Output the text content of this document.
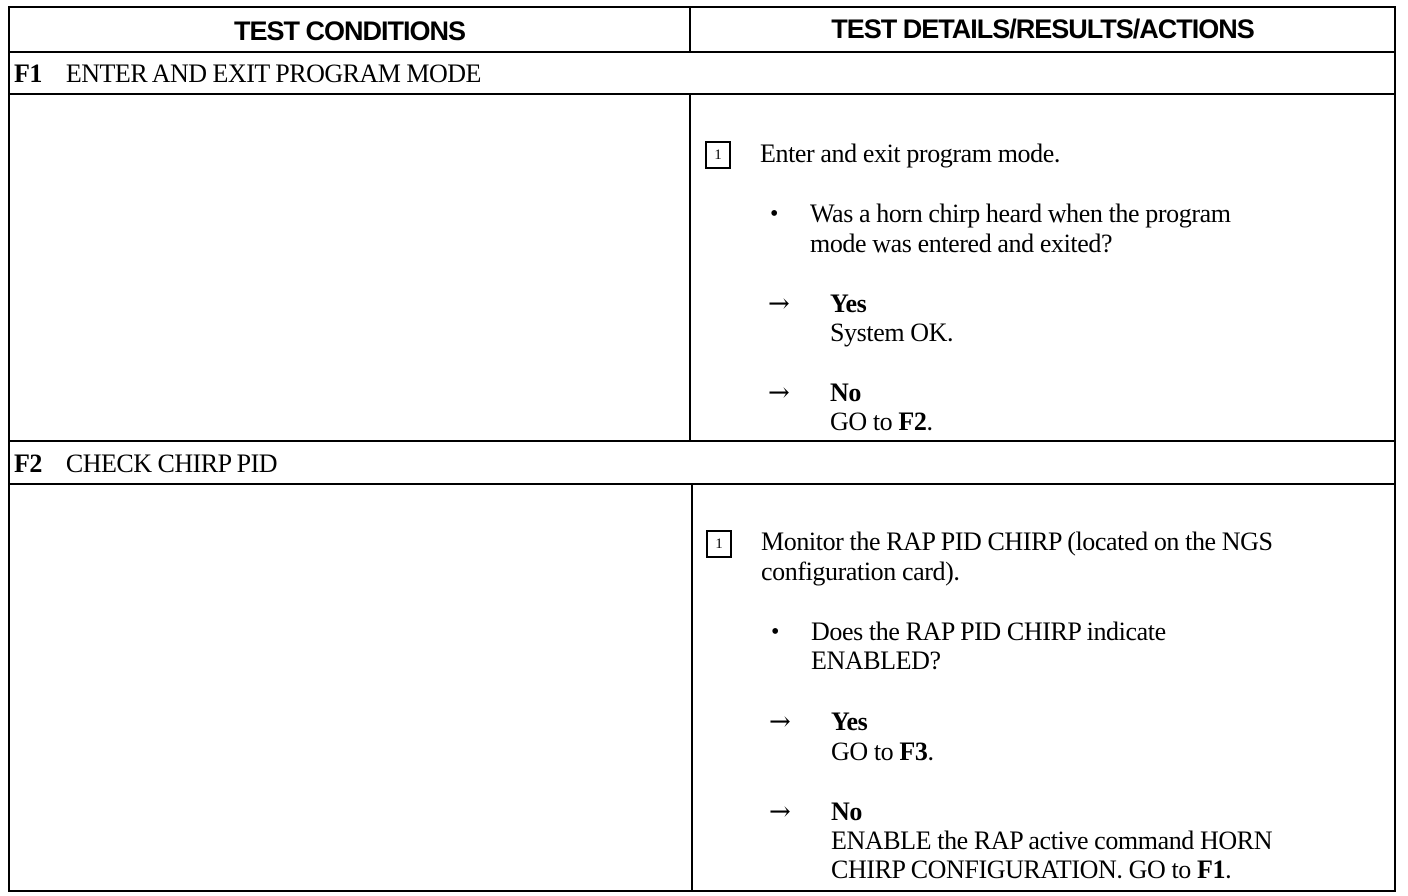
TEST CONDITIONS	TEST DETAILS/RESULTS/ACTIONS
F1 ENTER AND EXIT PROGRAM MODE
1	Enter and exit program mode.
• Was a horn chirp heard when the program
mode was entered and exited?
→ Yes
System OK.
→ No
GO to F2.
F2 CHECK CHIRP PID
1	Monitor the RAP PID CHIRP (located on the NGS
configuration card).
• Does the RAP PID CHIRP indicate
ENABLED?
→ Yes
GO to F3.
→ No
ENABLE the RAP active command HORN
CHIRP CONFIGURATION. GO to F1.
